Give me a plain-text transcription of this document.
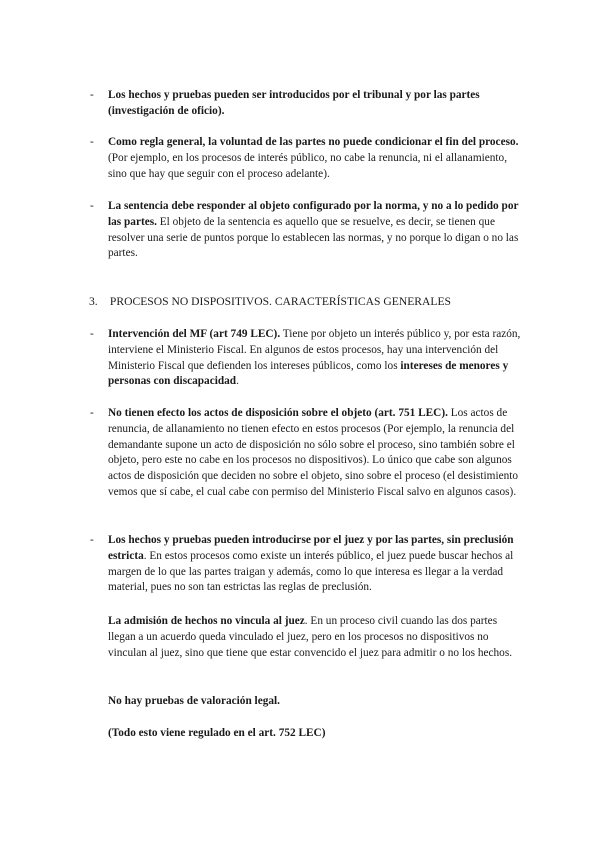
- Los hechos y pruebas pueden ser introducidos por el tribunal y por las partes (investigación de oficio).
- Como regla general, la voluntad de las partes no puede condicionar el fin del proceso. (Por ejemplo, en los procesos de interés público, no cabe la renuncia, ni el allanamiento, sino que hay que seguir con el proceso adelante).
- La sentencia debe responder al objeto configurado por la norma, y no a lo pedido por las partes. El objeto de la sentencia es aquello que se resuelve, es decir, se tienen que resolver una serie de puntos porque lo establecen las normas, y no porque lo digan o no las partes.
3. PROCESOS NO DISPOSITIVOS. CARACTERÍSTICAS GENERALES
- Intervención del MF (art 749 LEC). Tiene por objeto un interés público y, por esta razón, interviene el Ministerio Fiscal. En algunos de estos procesos, hay una intervención del Ministerio Fiscal que defienden los intereses públicos, como los intereses de menores y personas con discapacidad.
- No tienen efecto los actos de disposición sobre el objeto (art. 751 LEC). Los actos de renuncia, de allanamiento no tienen efecto en estos procesos (Por ejemplo, la renuncia del demandante supone un acto de disposición no sólo sobre el proceso, sino también sobre el objeto, pero este no cabe en los procesos no dispositivos). Lo único que cabe son algunos actos de disposición que deciden no sobre el objeto, sino sobre el proceso (el desistimiento vemos que sí cabe, el cual cabe con permiso del Ministerio Fiscal salvo en algunos casos).
- Los hechos y pruebas pueden introducirse por el juez y por las partes, sin preclusión estricta. En estos procesos como existe un interés público, el juez puede buscar hechos al margen de lo que las partes traigan y además, como lo que interesa es llegar a la verdad material, pues no son tan estrictas las reglas de preclusión.
La admisión de hechos no vincula al juez. En un proceso civil cuando las dos partes llegan a un acuerdo queda vinculado el juez, pero en los procesos no dispositivos no vinculan al juez, sino que tiene que estar convencido el juez para admitir o no los hechos.
No hay pruebas de valoración legal.
(Todo esto viene regulado en el art. 752 LEC)
